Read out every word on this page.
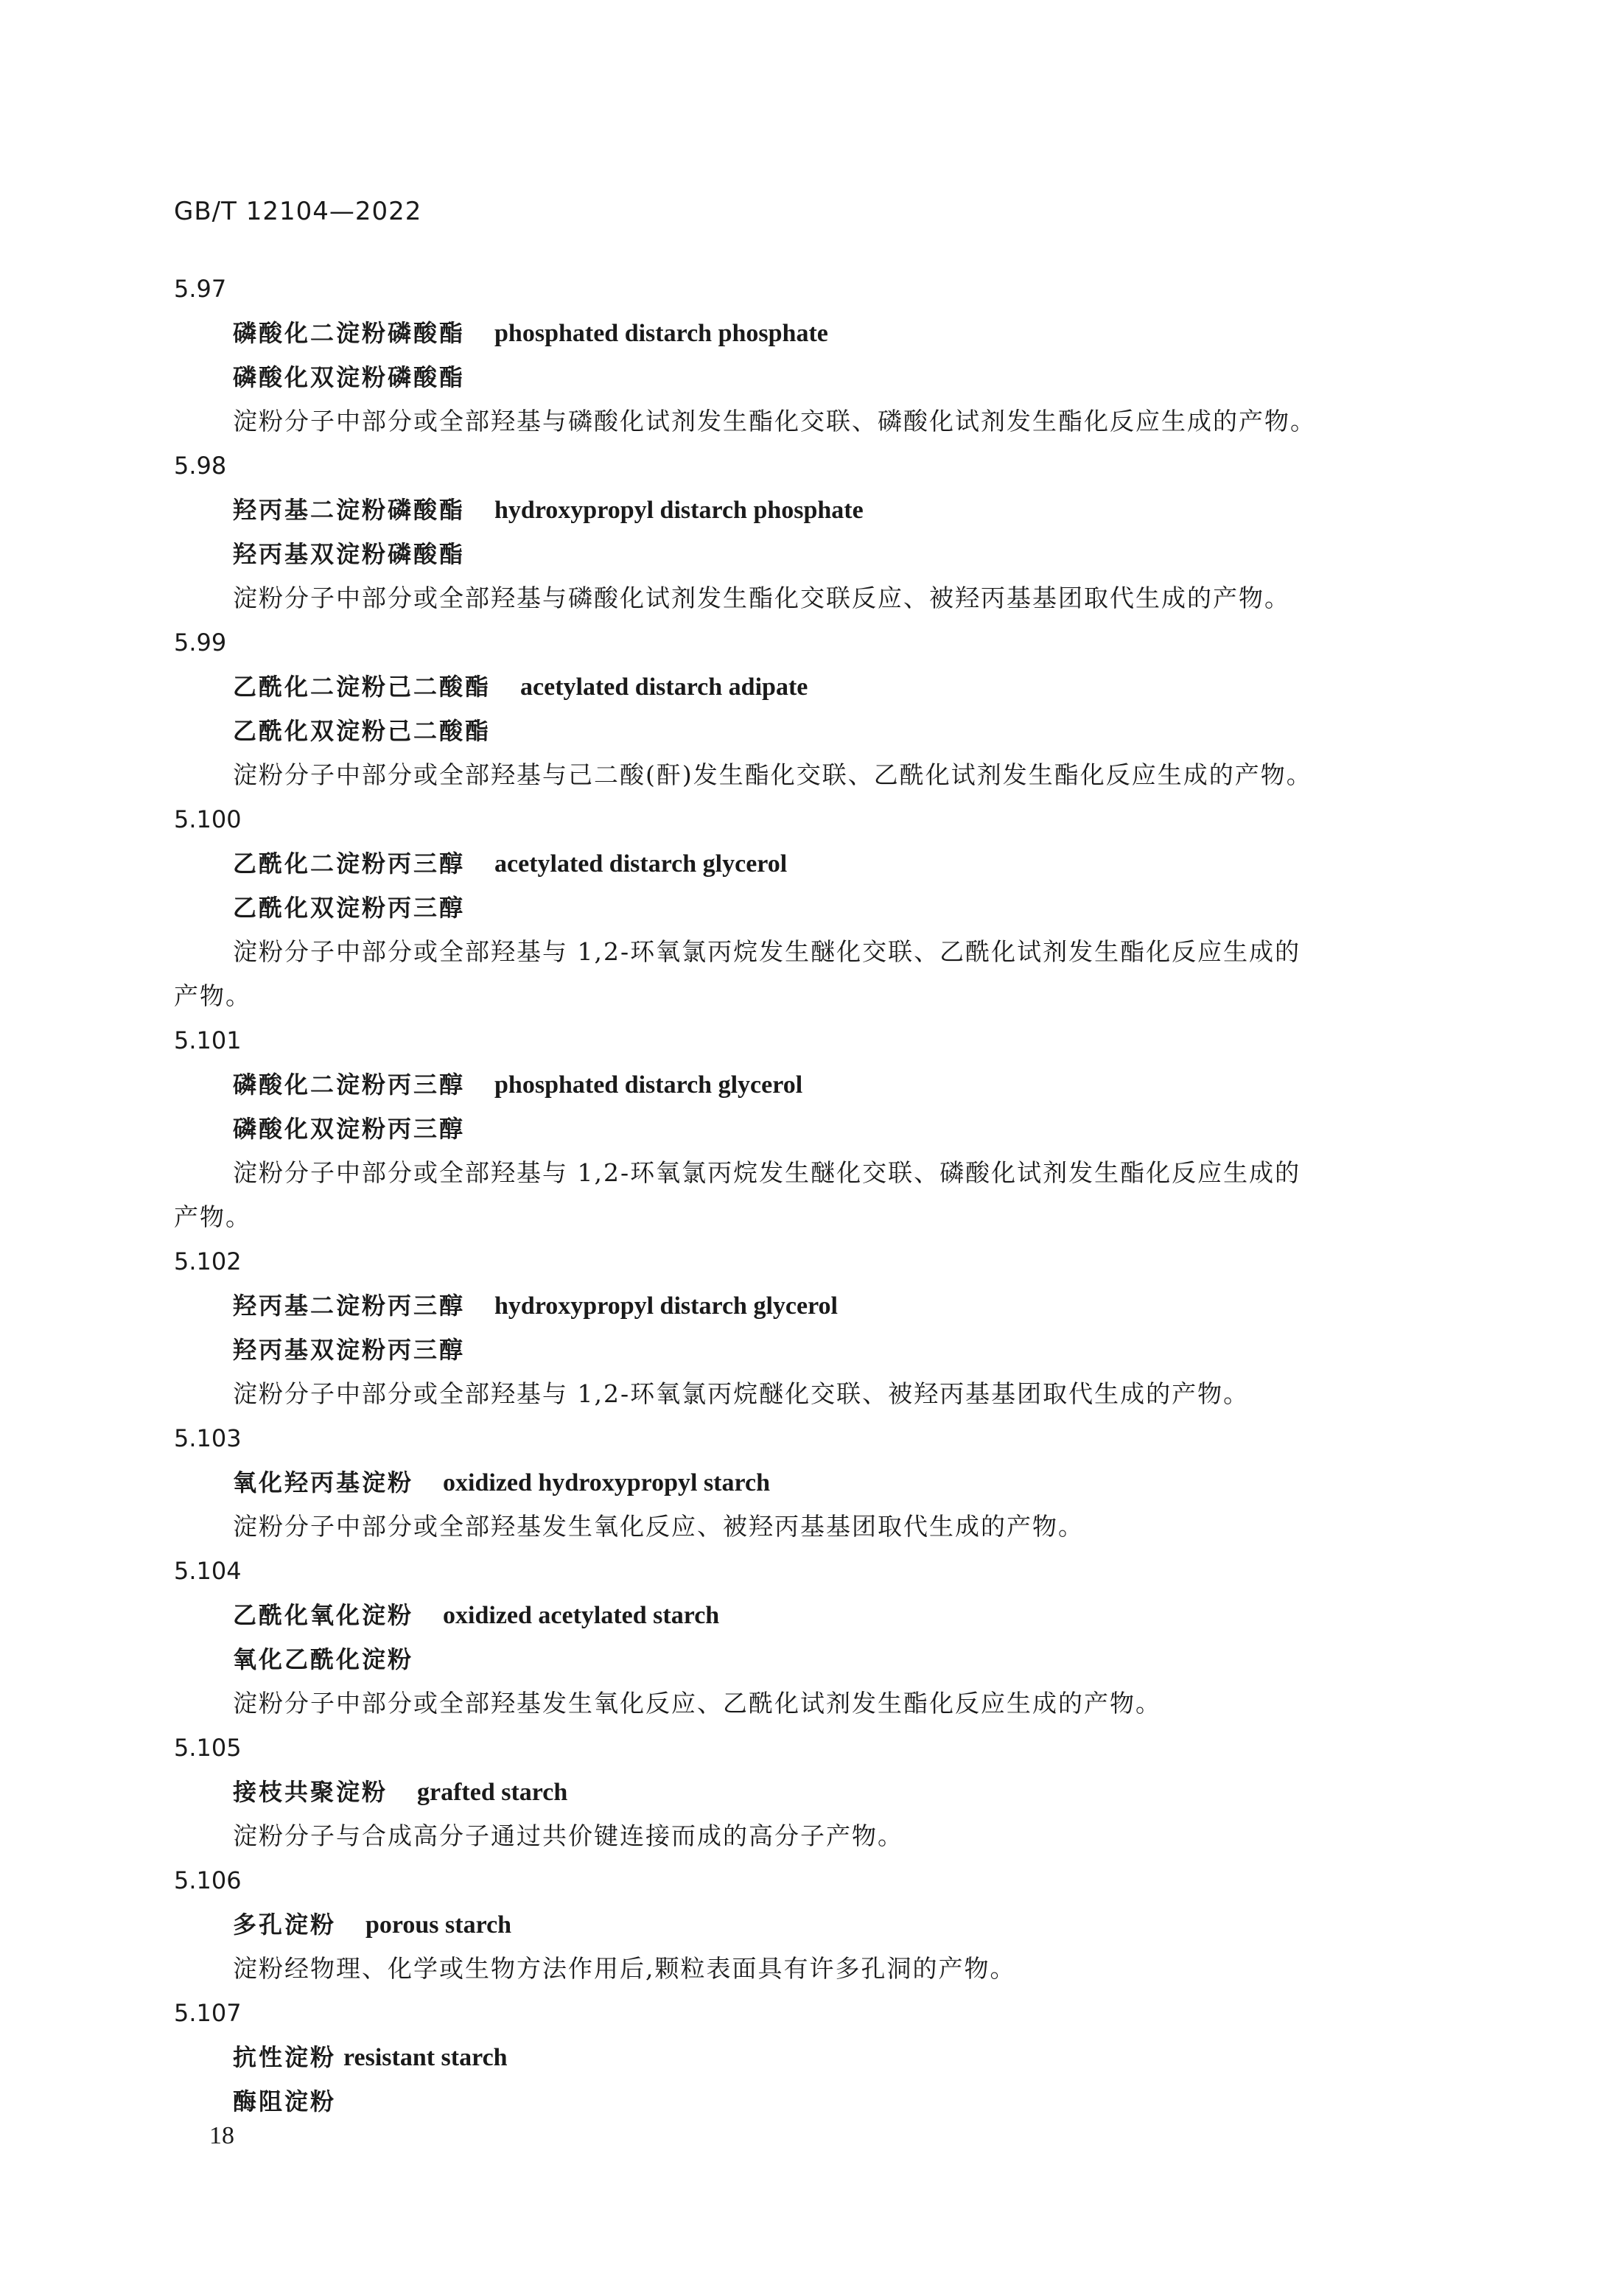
GB/T 12104—2022

5.97

磷酸化二淀粉磷酸酯 phosphated distarch phosphate

磷酸化双淀粉磷酸酯

淀粉分子中部分或全部羟基与磷酸化试剂发生酯化交联、磷酸化试剂发生酯化反应生成的产物。

5.98

羟丙基二淀粉磷酸酯 hydroxypropyl distarch phosphate

羟丙基双淀粉磷酸酯

淀粉分子中部分或全部羟基与磷酸化试剂发生酯化交联反应、被羟丙基基团取代生成的产物。

5.99

乙酰化二淀粉己二酸酯 acetylated distarch adipate

乙酰化双淀粉己二酸酯

淀粉分子中部分或全部羟基与己二酸(酐)发生酯化交联、乙酰化试剂发生酯化反应生成的产物。

5.100

乙酰化二淀粉丙三醇 acetylated distarch glycerol

乙酰化双淀粉丙三醇

淀粉分子中部分或全部羟基与 1,2-环氧氯丙烷发生醚化交联、乙酰化试剂发生酯化反应生成的
产物。

5.101

磷酸化二淀粉丙三醇 phosphated distarch glycerol

磷酸化双淀粉丙三醇

淀粉分子中部分或全部羟基与 1,2-环氧氯丙烷发生醚化交联、磷酸化试剂发生酯化反应生成的
产物。

5.102

羟丙基二淀粉丙三醇 hydroxypropyl distarch glycerol

羟丙基双淀粉丙三醇

淀粉分子中部分或全部羟基与 1,2-环氧氯丙烷醚化交联、被羟丙基基团取代生成的产物。

5.103

氧化羟丙基淀粉 oxidized hydroxypropyl starch

淀粉分子中部分或全部羟基发生氧化反应、被羟丙基基团取代生成的产物。

5.104

乙酰化氧化淀粉 oxidized acetylated starch

氧化乙酰化淀粉

淀粉分子中部分或全部羟基发生氧化反应、乙酰化试剂发生酯化反应生成的产物。

5.105

接枝共聚淀粉 grafted starch

淀粉分子与合成高分子通过共价键连接而成的高分子产物。

5.106

多孔淀粉 porous starch

淀粉经物理、化学或生物方法作用后,颗粒表面具有许多孔洞的产物。

5.107

抗性淀粉 resistant starch

酶阻淀粉

18
